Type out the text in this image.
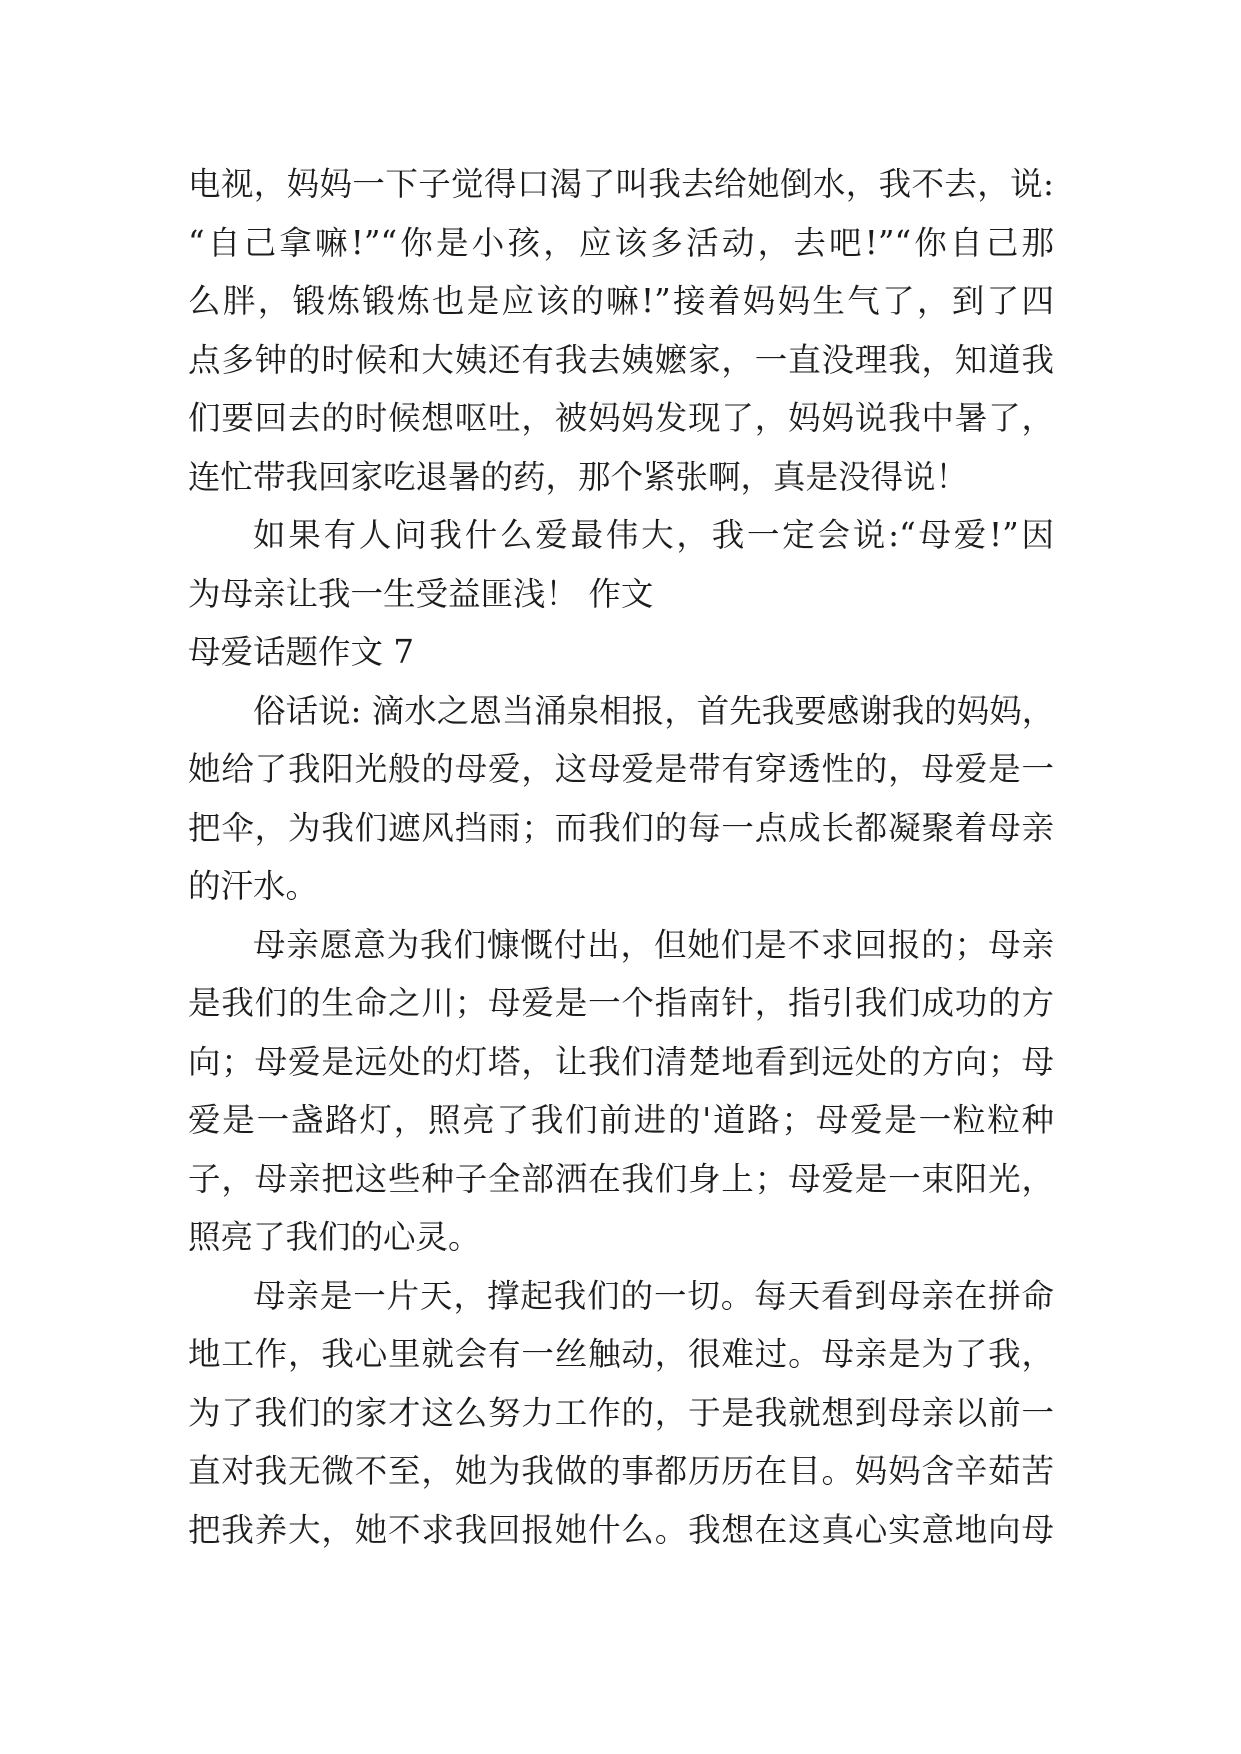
电视，妈妈一下子觉得口渴了叫我去给她倒水，我不去，说:
“自己拿嘛!”“你是小孩，应该多活动，去吧!”“你自己那
么胖，锻炼锻炼也是应该的嘛!”接着妈妈生气了，到了四
点多钟的时候和大姨还有我去姨嬷家，一直没理我，知道我
们要回去的时候想呕吐，被妈妈发现了，妈妈说我中暑了，
连忙带我回家吃退暑的药，那个紧张啊，真是没得说！
如果有人问我什么爱最伟大，我一定会说:“母爱!”因
为母亲让我一生受益匪浅！ 作文
母爱话题作文 7
俗话说: 滴水之恩当涌泉相报，首先我要感谢我的妈妈，
她给了我阳光般的母爱，这母爱是带有穿透性的，母爱是一
把伞，为我们遮风挡雨；而我们的每一点成长都凝聚着母亲
的汗水。
母亲愿意为我们慷慨付出，但她们是不求回报的；母亲
是我们的生命之川；母爱是一个指南针，指引我们成功的方
向；母爱是远处的灯塔，让我们清楚地看到远处的方向；母
爱是一盏路灯，照亮了我们前进的'道路；母爱是一粒粒种
子，母亲把这些种子全部洒在我们身上；母爱是一束阳光，
照亮了我们的心灵。
母亲是一片天，撑起我们的一切。每天看到母亲在拼命
地工作，我心里就会有一丝触动，很难过。母亲是为了我，
为了我们的家才这么努力工作的，于是我就想到母亲以前一
直对我无微不至，她为我做的事都历历在目。妈妈含辛茹苦
把我养大，她不求我回报她什么。我想在这真心实意地向母
